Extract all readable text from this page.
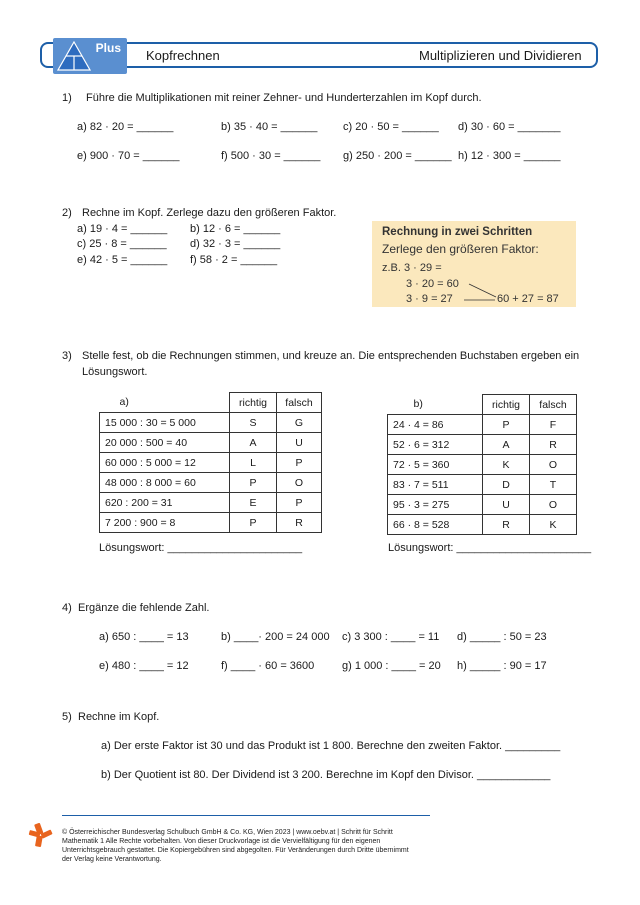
Plus Kopfrechnen	Multiplizieren und Dividieren
1) Führe die Multiplikationen mit reiner Zehner- und Hunderterzahlen im Kopf durch.
a) 82 · 20 = ______	b) 35 · 40 = ______ c) 20 · 50 = ______ d) 30 · 60 = _______
e) 900 · 70 = ______	f) 500 · 30 = ______ g) 250 · 200 = ______ h) 12 · 300 = ______
2) Rechne im Kopf. Zerlege dazu den größeren Faktor.
a) 19 · 4 = ______ b) 12 · 6 = ______
c) 25 · 8 = ______ d) 32 · 3 = ______
e) 42 · 5 = ______ f) 58 · 2 = ______
Rechnung in zwei Schritten
Zerlege den größeren Faktor:
z.B. 3 · 29 =
3 · 20 = 60
3 · 9 = 27	60 + 27 = 87
3) Stelle fest, ob die Rechnungen stimmen, und kreuze an. Die entsprechenden Buchstaben ergeben ein
Lösungswort.
a)	richtig	falsch
15 000 : 30 = 5 000	S	G
20 000 : 500 = 40	A	U
60 000 : 5 000 = 12	L	P
48 000 : 8 000 = 60	P	O
620 : 200 = 31	E	P
7 200 : 900 = 8	P	R
b)	richtig	falsch
24 · 4 = 86	P	F
52 · 6 = 312	A	R
72 · 5 = 360	K	O
83 · 7 = 511	D	T
95 · 3 = 275	U	O
66 · 8 = 528	R	K
Lösungswort: ______________________	Lösungswort: ______________________
4) Ergänze die fehlende Zahl.
a) 650 : ____ = 13	b) ____· 200 = 24 000 c) 3 300 : ____ = 11 d) _____ : 50 = 23
e) 480 : ____ = 12	f) ____ · 60 = 3600	g) 1 000 : ____ = 20 h) _____ : 90 = 17
5) Rechne im Kopf.
a) Der erste Faktor ist 30 und das Produkt ist 1 800. Berechne den zweiten Faktor. _________
b) Der Quotient ist 80. Der Dividend ist 3 200. Berechne im Kopf den Divisor. ____________
© Österreichischer Bundesverlag Schulbuch GmbH & Co. KG, Wien 2023 | www.oebv.at | Schritt für Schritt
Mathematik 1 Alle Rechte vorbehalten. Von dieser Druckvorlage ist die Vervielfältigung für den eigenen
Unterrichtsgebrauch gestattet. Die Kopiergebühren sind abgegolten. Für Veränderungen durch Dritte übernimmt
der Verlag keine Verantwortung.
